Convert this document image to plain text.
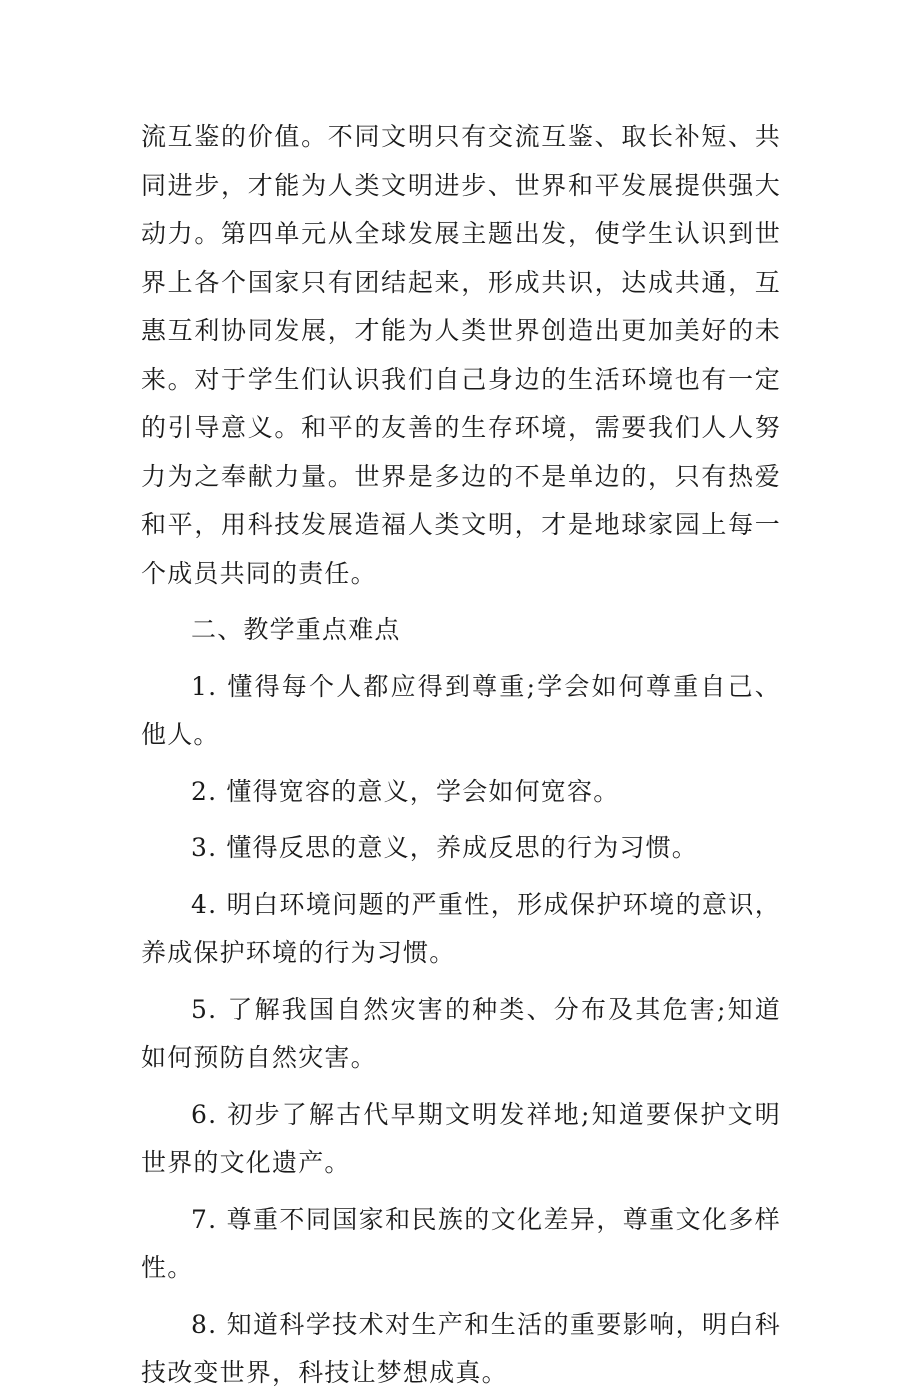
流互鉴的价值。不同文明只有交流互鉴、取长补短、共同进步，才能为人类文明进步、世界和平发展提供强大动力。第四单元从全球发展主题出发，使学生认识到世界上各个国家只有团结起来，形成共识，达成共通，互惠互利协同发展，才能为人类世界创造出更加美好的未来。对于学生们认识我们自己身边的生活环境也有一定的引导意义。和平的友善的生存环境，需要我们人人努力为之奉献力量。世界是多边的不是单边的，只有热爱和平，用科技发展造福人类文明，才是地球家园上每一个成员共同的责任。

二、教学重点难点

1. 懂得每个人都应得到尊重;学会如何尊重自己、他人。

2. 懂得宽容的意义，学会如何宽容。

3. 懂得反思的意义，养成反思的行为习惯。

4. 明白环境问题的严重性，形成保护环境的意识，养成保护环境的行为习惯。

5. 了解我国自然灾害的种类、分布及其危害;知道如何预防自然灾害。

6. 初步了解古代早期文明发祥地;知道要保护文明世界的文化遗产。

7. 尊重不同国家和民族的文化差异，尊重文化多样性。

8. 知道科学技术对生产和生活的重要影响，明白科技改变世界，科技让梦想成真。
